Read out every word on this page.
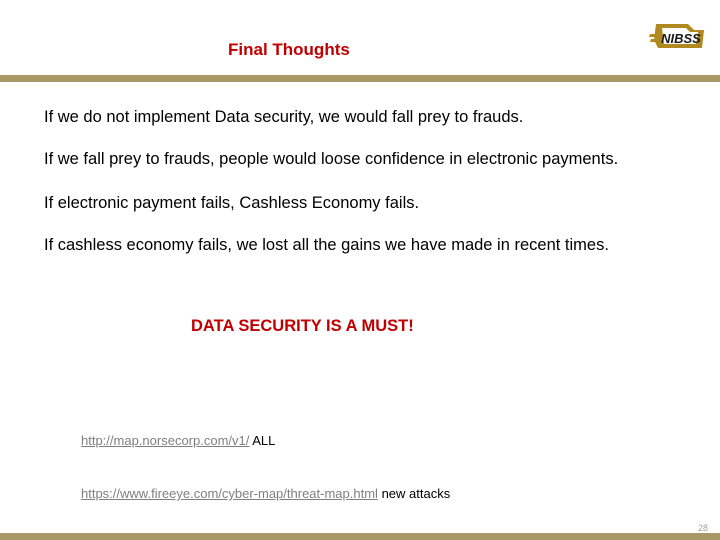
Final Thoughts
NIBSS
If we do not implement Data security, we would fall prey to frauds.
If we fall prey to frauds, people would loose confidence in electronic payments.
If electronic payment fails, Cashless Economy fails.
If cashless economy fails, we lost all the gains we have made in recent times.
DATA SECURITY IS A MUST!
http://map.norsecorp.com/v1/ ALL
https://www.fireeye.com/cyber-map/threat-map.html new attacks
28
